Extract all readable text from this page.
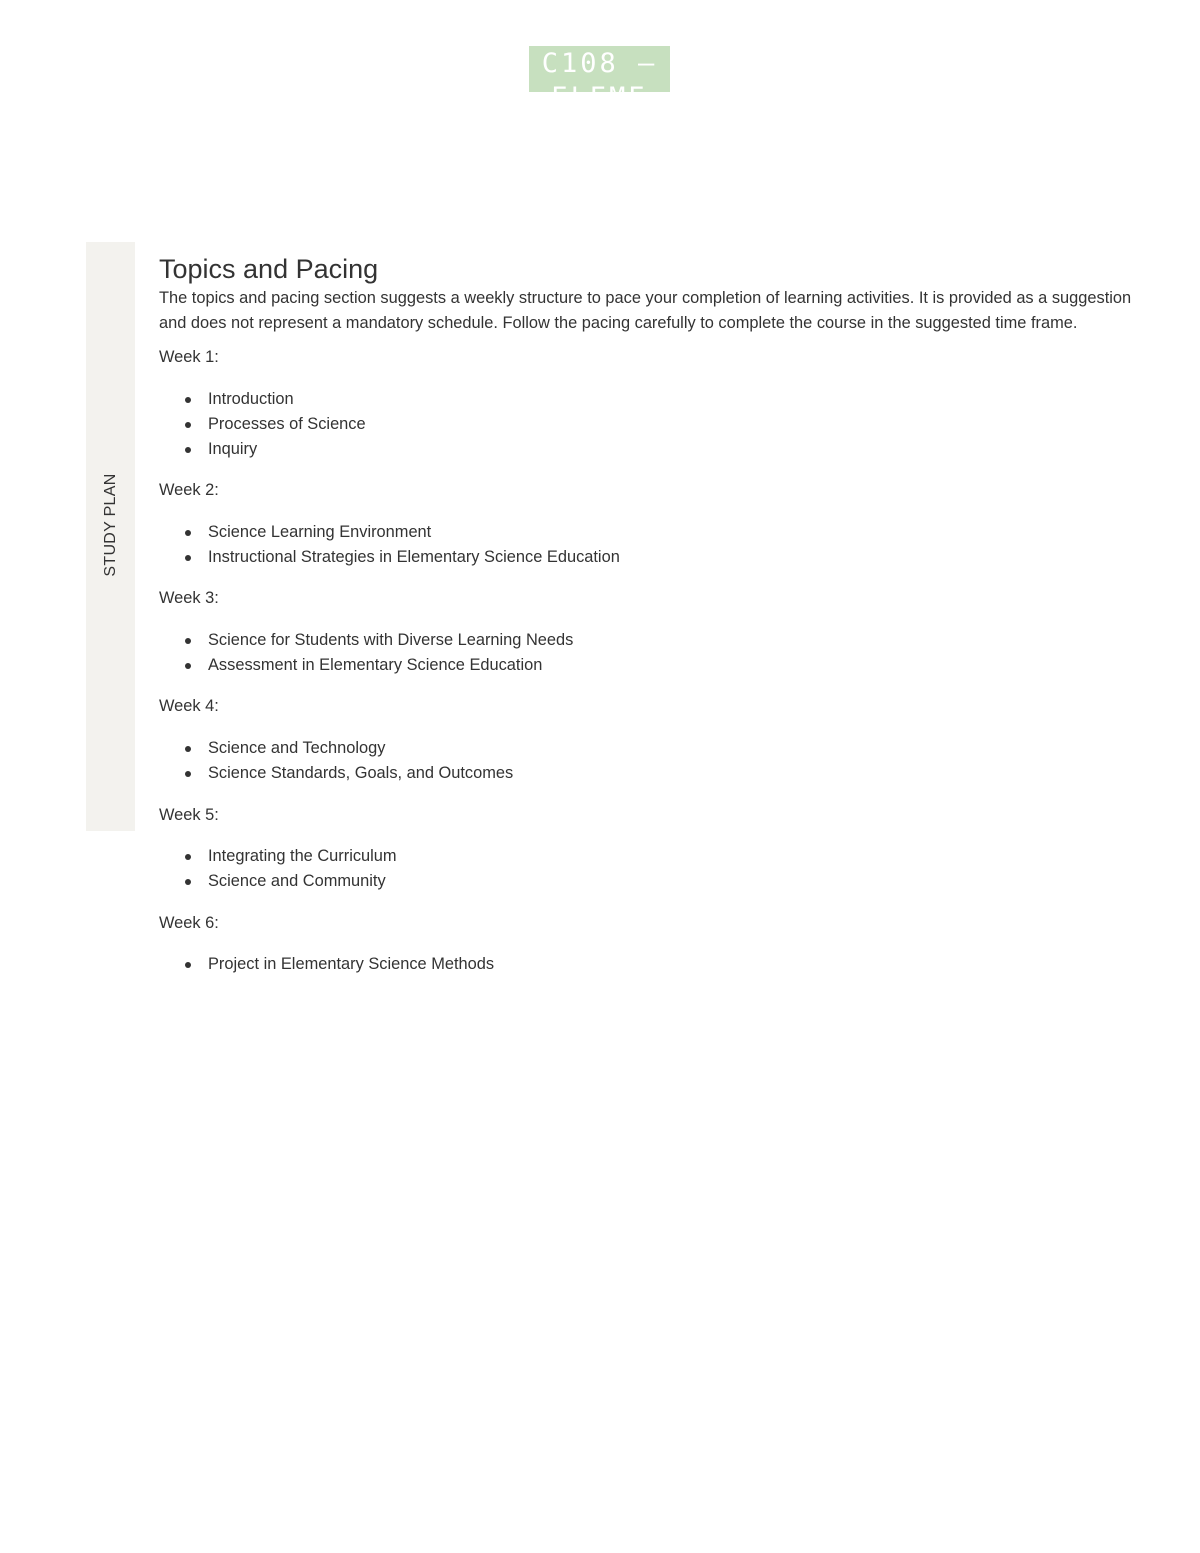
C108 – ELEME
STUDY PLAN
Topics and Pacing

The topics and pacing section suggests a weekly structure to pace your completion of learning activities. It is provided as a suggestion and does not represent a mandatory schedule. Follow the pacing carefully to complete the course in the suggested time frame.

Week 1:
Introduction
Processes of Science
Inquiry
Week 2:
Science Learning Environment
Instructional Strategies in Elementary Science Education
Week 3:
Science for Students with Diverse Learning Needs
Assessment in Elementary Science Education
Week 4:
Science and Technology
Science Standards, Goals, and Outcomes
Week 5:
Integrating the Curriculum
Science and Community
Week 6:
Project in Elementary Science Methods
